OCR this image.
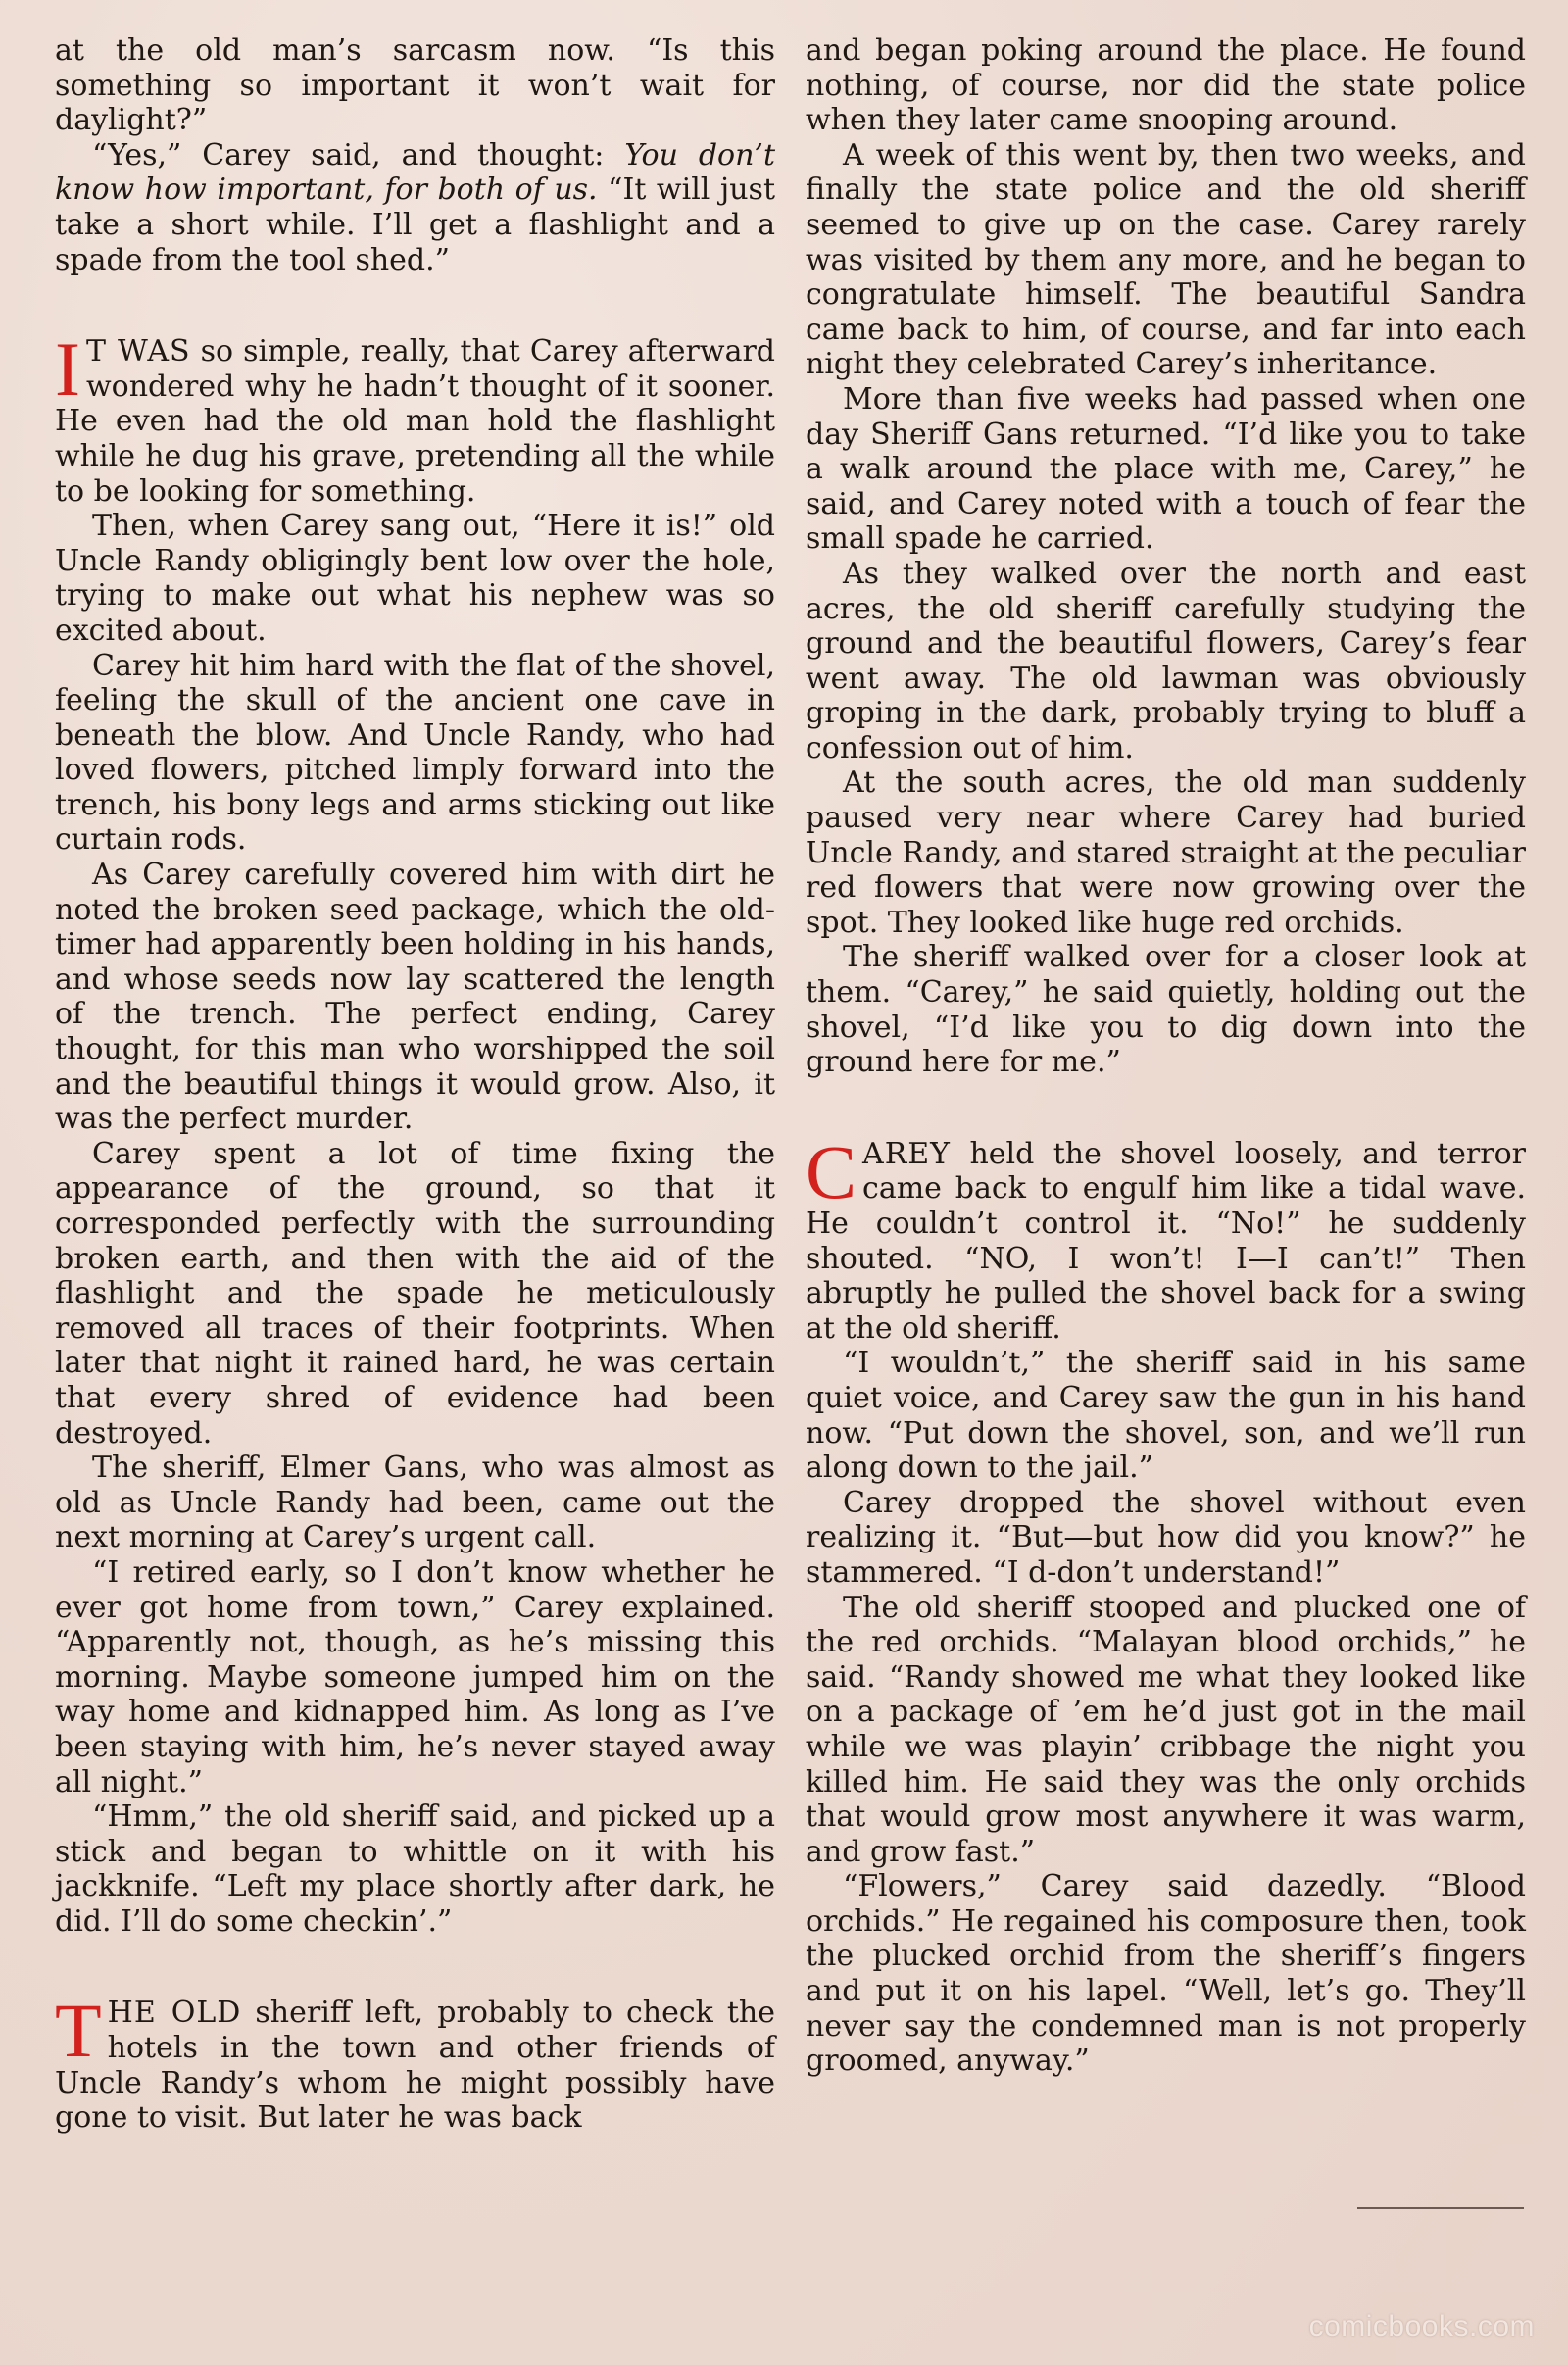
at the old man’s sarcasm now. “Is this something so important it won’t wait for daylight?”

“Yes,” Carey said, and thought: You don’t know how important, for both of us. “It will just take a short while. I’ll get a flashlight and a spade from the tool shed.”

IT WAS so simple, really, that Carey afterward wondered why he hadn’t thought of it sooner. He even had the old man hold the flashlight while he dug his grave, pretending all the while to be looking for something.

Then, when Carey sang out, “Here it is!” old Uncle Randy obligingly bent low over the hole, trying to make out what his nephew was so excited about.

Carey hit him hard with the flat of the shovel, feeling the skull of the ancient one cave in beneath the blow. And Uncle Randy, who had loved flowers, pitched limply forward into the trench, his bony legs and arms sticking out like curtain rods.

As Carey carefully covered him with dirt he noted the broken seed package, which the old-timer had apparently been holding in his hands, and whose seeds now lay scattered the length of the trench. The perfect ending, Carey thought, for this man who worshipped the soil and the beautiful things it would grow. Also, it was the perfect murder.

Carey spent a lot of time fixing the appearance of the ground, so that it corresponded perfectly with the surrounding broken earth, and then with the aid of the flashlight and the spade he meticulously removed all traces of their footprints. When later that night it rained hard, he was certain that every shred of evidence had been destroyed.

The sheriff, Elmer Gans, who was almost as old as Uncle Randy had been, came out the next morning at Carey’s urgent call.

“I retired early, so I don’t know whether he ever got home from town,” Carey explained. “Apparently not, though, as he’s missing this morning. Maybe someone jumped him on the way home and kidnapped him. As long as I’ve been staying with him, he’s never stayed away all night.”

“Hmm,” the old sheriff said, and picked up a stick and began to whittle on it with his jackknife. “Left my place shortly after dark, he did. I’ll do some checkin’.”

THE OLD sheriff left, probably to check the hotels in the town and other friends of Uncle Randy’s whom he might possibly have gone to visit. But later he was back

and began poking around the place. He found nothing, of course, nor did the state police when they later came snooping around.

A week of this went by, then two weeks, and finally the state police and the old sheriff seemed to give up on the case. Carey rarely was visited by them any more, and he began to congratulate himself. The beautiful Sandra came back to him, of course, and far into each night they celebrated Carey’s inheritance.

More than five weeks had passed when one day Sheriff Gans returned. “I’d like you to take a walk around the place with me, Carey,” he said, and Carey noted with a touch of fear the small spade he carried.

As they walked over the north and east acres, the old sheriff carefully studying the ground and the beautiful flowers, Carey’s fear went away. The old lawman was obviously groping in the dark, probably trying to bluff a confession out of him.

At the south acres, the old man suddenly paused very near where Carey had buried Uncle Randy, and stared straight at the peculiar red flowers that were now growing over the spot. They looked like huge red orchids.

The sheriff walked over for a closer look at them. “Carey,” he said quietly, holding out the shovel, “I’d like you to dig down into the ground here for me.”

CAREY held the shovel loosely, and terror came back to engulf him like a tidal wave. He couldn’t control it. “No!” he suddenly shouted. “NO, I won’t! I—I can’t!” Then abruptly he pulled the shovel back for a swing at the old sheriff.

“I wouldn’t,” the sheriff said in his same quiet voice, and Carey saw the gun in his hand now. “Put down the shovel, son, and we’ll run along down to the jail.”

Carey dropped the shovel without even realizing it. “But—but how did you know?” he stammered. “I d-don’t understand!”

The old sheriff stooped and plucked one of the red orchids. “Malayan blood orchids,” he said. “Randy showed me what they looked like on a package of ’em he’d just got in the mail while we was playin’ cribbage the night you killed him. He said they was the only orchids that would grow most anywhere it was warm, and grow fast.”

“Flowers,” Carey said dazedly. “Blood orchids.” He regained his composure then, took the plucked orchid from the sheriff’s fingers and put it on his lapel. “Well, let’s go. They’ll never say the condemned man is not properly groomed, anyway.”

comicbooks.com
